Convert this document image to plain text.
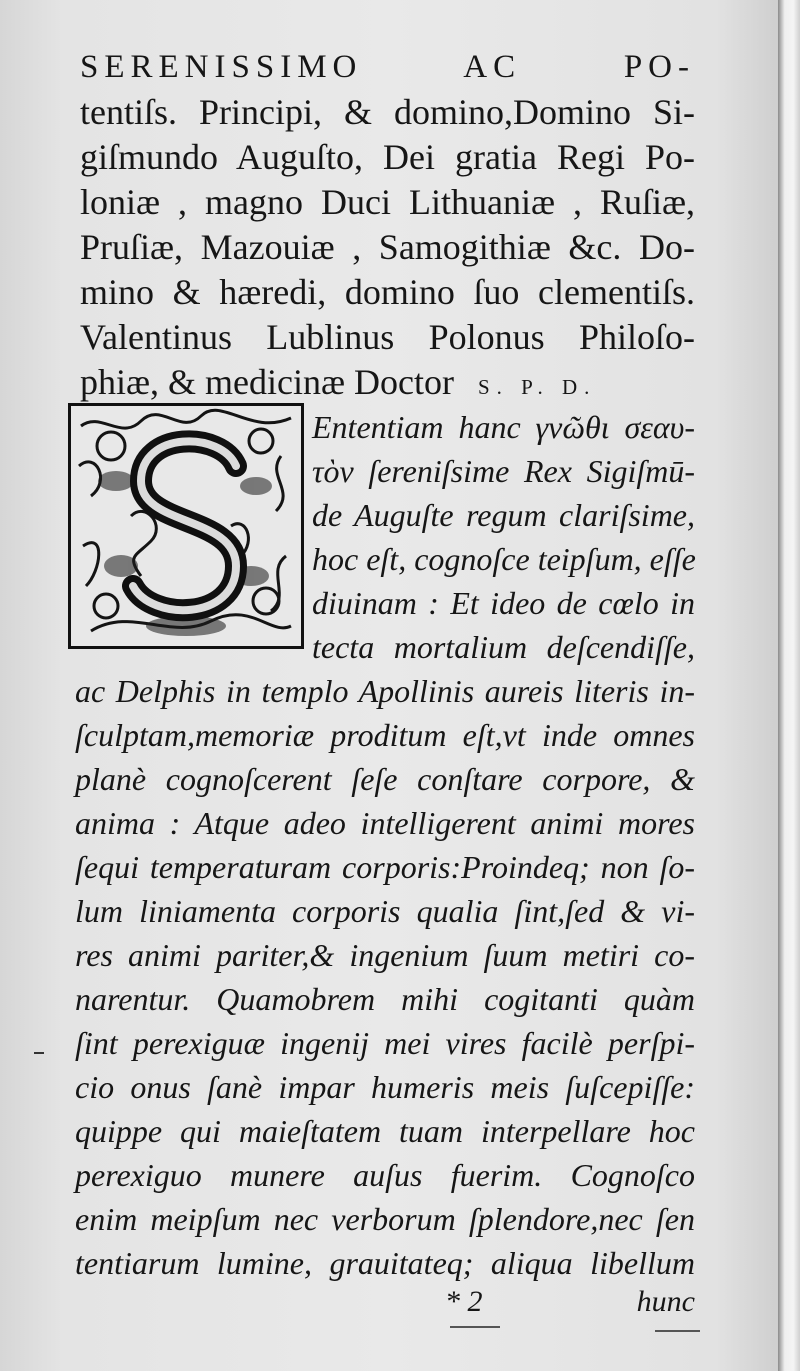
SERENISSIMO AC PO-
tentiſs. Principi, & domino,Domino Si-
giſmundo Auguſto, Dei gratia Regi Po-
loniæ , magno Duci Lithuaniæ , Ruſiæ,
Pruſiæ, Mazouiæ , Samogithiæ &c. Do-
mino & hæredi, domino ſuo clementiſs.
Valentinus Lublinus Polonus Philoſo-
phiæ, & medicinæ Doctor S. P. D.
Ententiam hanc γνῶθι σεαυ-
τὸν ſereniſsime Rex Sigiſmū-
de Auguſte regum clariſsime,
hoc eſt, cognoſce teipſum, eſſe
diuinam : Et ideo de cœlo in
tecta mortalium deſcendiſſe,
ac Delphis in templo Apollinis aureis literis in-
ſculptam,memoriæ proditum eſt,vt inde omnes
planè cognoſcerent ſeſe conſtare corpore, &
anima : Atque adeo intelligerent animi mores
ſequi temperaturam corporis:Proindeq; non ſo-
lum liniamenta corporis qualia ſint,ſed & vi-
res animi pariter,& ingenium ſuum metiri co-
narentur. Quamobrem mihi cogitanti quàm
ſint perexiguæ ingenij mei vires facilè perſpi-
cio onus ſanè impar humeris meis ſuſcepiſſe:
quippe qui maieſtatem tuam interpellare hoc
perexiguo munere auſus fuerim. Cognoſco
enim meipſum nec verborum ſplendore,nec ſen
tentiarum lumine, grauitateq; aliqua libellum
* 2	hunc
